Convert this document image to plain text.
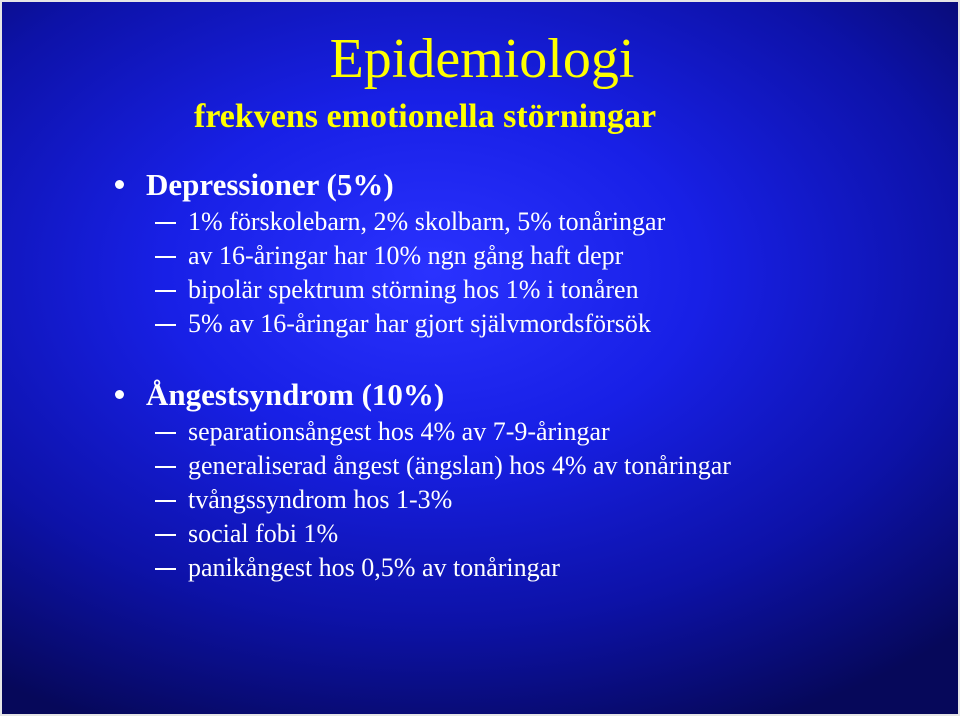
Epidemiologi
frekvens emotionella störningar
Depressioner (5%)
1% förskolebarn, 2% skolbarn, 5% tonåringar
av 16-åringar har 10% ngn gång haft depr
bipolär spektrum störning hos 1% i tonåren
5% av 16-åringar har gjort självmordsförsök
Ångestsyndrom (10%)
separationsångest hos 4% av 7-9-åringar
generaliserad ångest (ängslan) hos 4% av tonåringar
tvångssyndrom hos 1-3%
social fobi 1%
panikångest hos 0,5% av tonåringar
